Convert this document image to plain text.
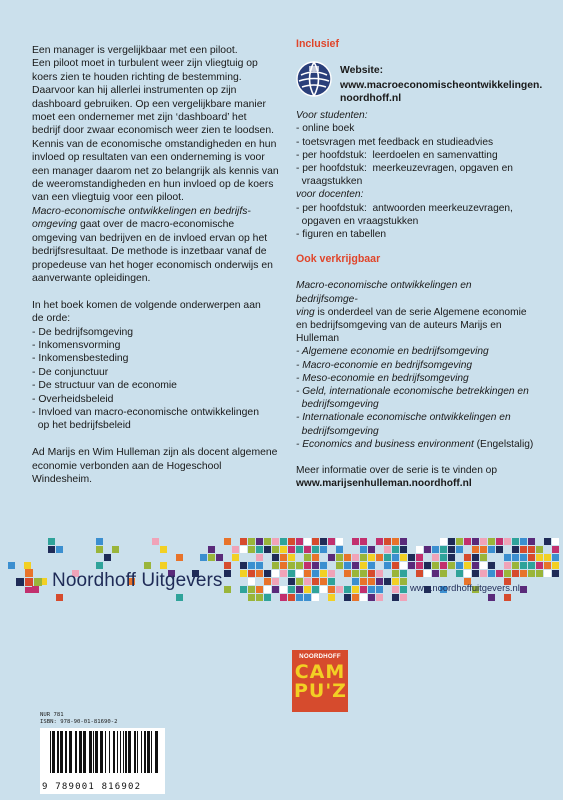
Een manager is vergelijkbaar met een piloot.
Een piloot moet in turbulent weer zijn vliegtuig op
koers zien te houden richting de bestemming.
Daarvoor kan hij allerlei instrumenten op zijn
dashboard gebruiken. Op een vergelijkbare manier
moet een ondernemer met zijn ‘dashboard’ het
bedrijf door zwaar economisch weer zien te loodsen.
Kennis van de economische omstandigheden en hun
invloed op resultaten van een onderneming is voor
een manager daarom net zo belangrijk als kennis van
de weeromstandigheden en hun invloed op de koers
van een vliegtuig voor een piloot.

Macro-economische ontwikkelingen en bedrijfs-
omgeving gaat over de macro-economische

omgeving van bedrijven en de invloed ervan op het
bedrijfsresultaat. De methode is inzetbaar vanaf de
propedeuse van het hoger economisch onderwijs en
aanverwante opleidingen.

In het boek komen de volgende onderwerpen aan
de orde:

- De bedrijfsomgeving
- Inkomensvorming
- Inkomensbesteding
- De conjunctuur
- De structuur van de economie
- Overheidsbeleid
- Invloed van macro-economische ontwikkelingen
op het bedrijfsbeleid
Ad Marijs en Wim Hulleman zijn als docent algemene
economie verbonden aan de Hogeschool
Windesheim.
Inclusief
Website:
www.macroeconomischeontwikkelingen.
noordhoff.nl
Voor studenten:
- online boek
- toetsvragen met feedback en studieadvies
- per hoofdstuk:  leerdoelen en samenvatting
- per hoofdstuk:  meerkeuzevragen, opgaven en
vraagstukken
voor docenten:
- per hoofdstuk:  antwoorden meerkeuzevragen,
opgaven en vraagstukken
- figuren en tabellen
Ook verkrijgbaar
Macro-economische ontwikkelingen en bedrijfsomge-
ving is onderdeel van de serie Algemene economie
en bedrijfsomgeving van de auteurs Marijs en
Hulleman
- Algemene economie en bedrijfsomgeving
- Macro-economie en bedrijfsomgeving
- Meso-economie en bedrijfsomgeving
- Geld, internationale economische betrekkingen en
bedrijfsomgeving
- Internationale economische ontwikkelingen en
bedrijfsomgeving
- Economics and business environment (Engelstalig)
Meer informatie over de serie is te vinden op
www.marijsenhulleman.noordhoff.nl
Noordhoff Uitgevers	www.noordhoffuitgevers.nl
NOORDHOFF
CAM
PU'Z
NUR 781
ISBN: 978-90-01-81690-2
9 789001 816902
